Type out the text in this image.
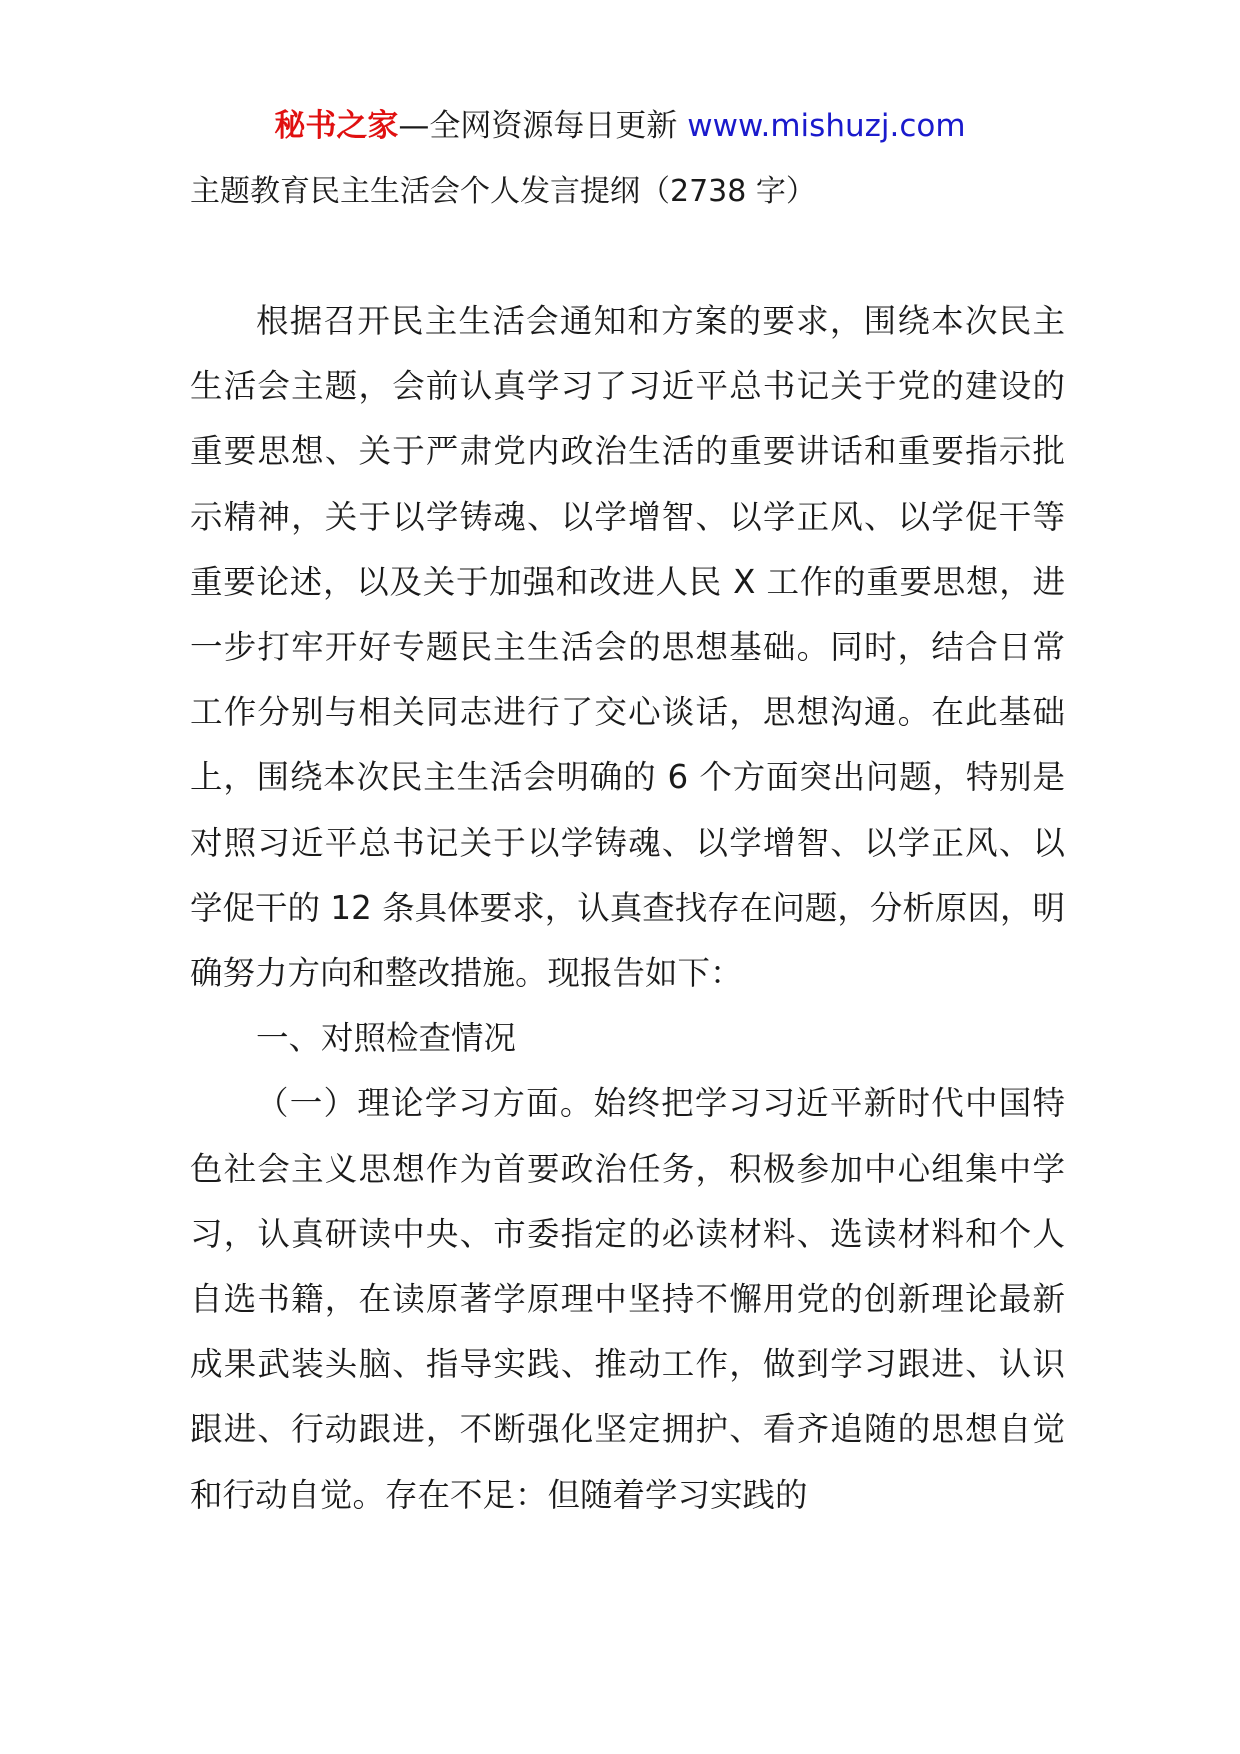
秘书之家—全网资源每日更新 www.mishuzj.com
主题教育民主生活会个人发言提纲（2738 字）

根据召开民主生活会通知和方案的要求，围绕本次民主生活会主题，会前认真学习了习近平总书记关于党的建设的重要思想、关于严肃党内政治生活的重要讲话和重要指示批示精神，关于以学铸魂、以学增智、以学正风、以学促干等重要论述，以及关于加强和改进人民 X 工作的重要思想，进一步打牢开好专题民主生活会的思想基础。同时，结合日常工作分别与相关同志进行了交心谈话，思想沟通。在此基础上，围绕本次民主生活会明确的 6 个方面突出问题，特别是对照习近平总书记关于以学铸魂、以学增智、以学正风、以学促干的 12 条具体要求，认真查找存在问题，分析原因，明确努力方向和整改措施。现报告如下：

一、对照检查情况

（一）理论学习方面。始终把学习习近平新时代中国特色社会主义思想作为首要政治任务，积极参加中心组集中学习，认真研读中央、市委指定的必读材料、选读材料和个人自选书籍，在读原著学原理中坚持不懈用党的创新理论最新成果武装头脑、指导实践、推动工作，做到学习跟进、认识跟进、行动跟进，不断强化坚定拥护、看齐追随的思想自觉和行动自觉。存在不足：但随着学习实践的
